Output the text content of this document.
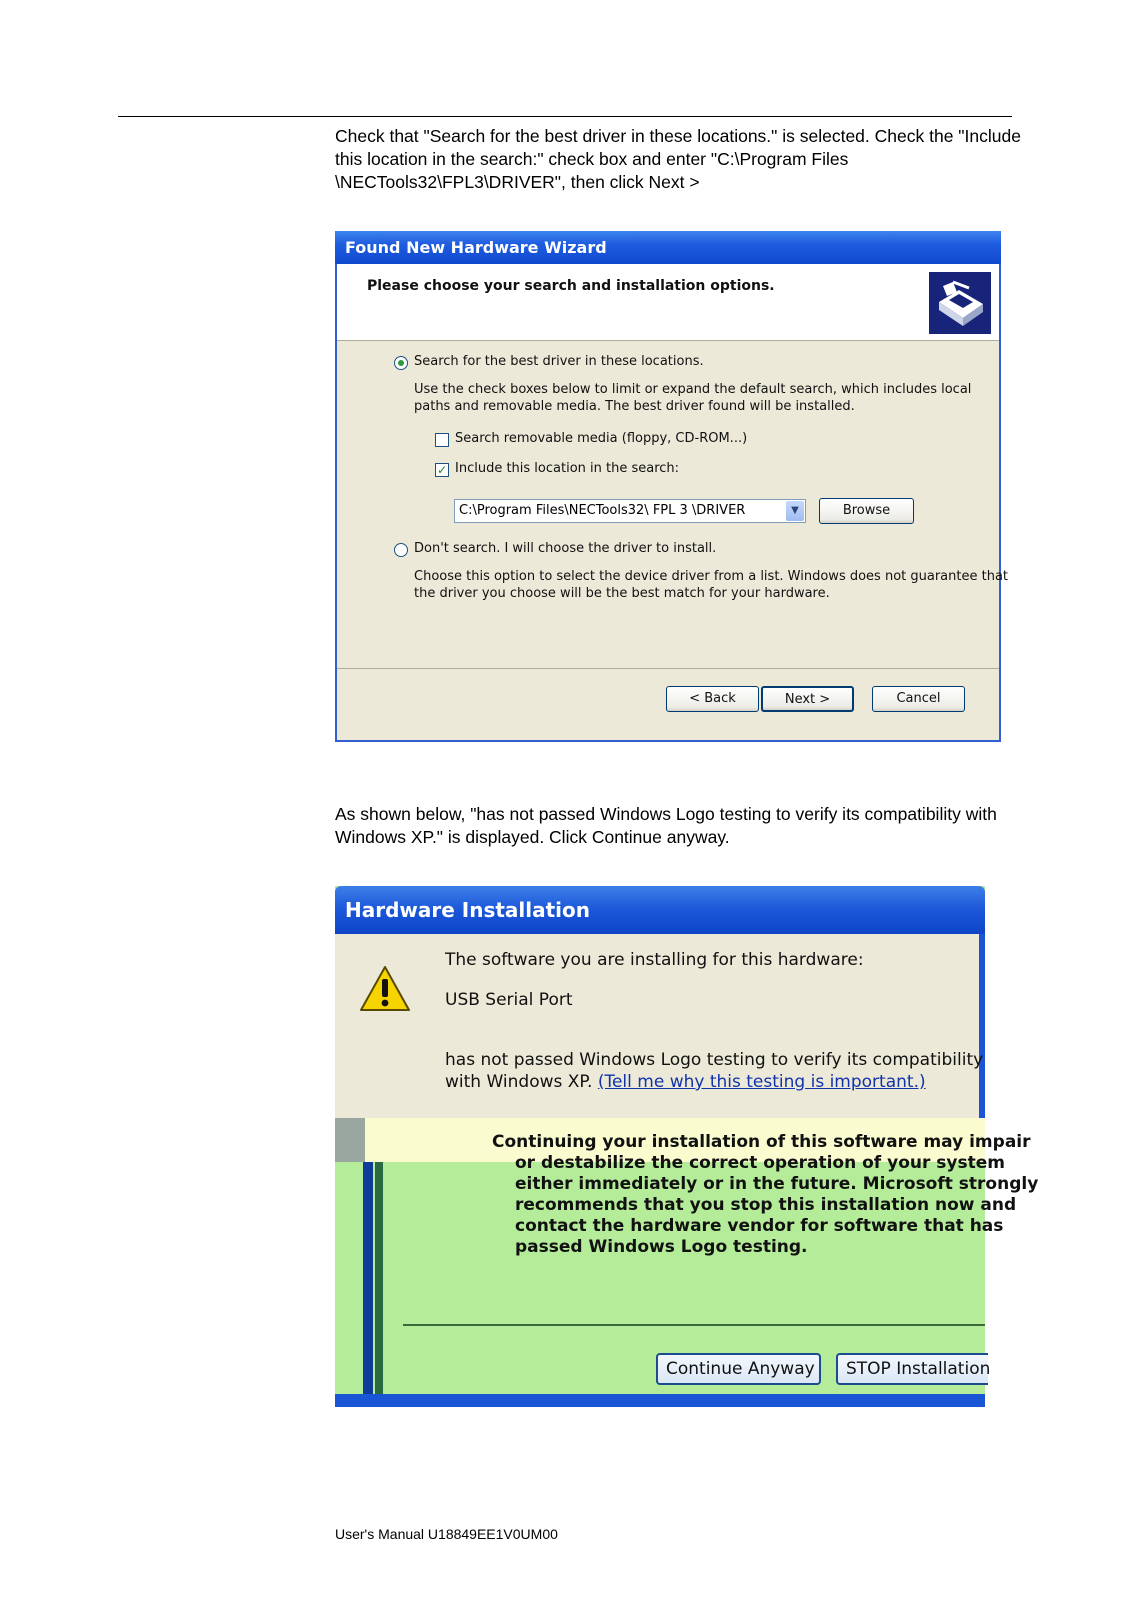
Check that "Search for the best driver in these locations." is selected. Check the "Include this location in the search:" check box and enter "C:\Program Files \NECTools32\FPL3\DRIVER", then click Next >

Found New Hardware Wizard
Please choose your search and installation options.
Search for the best driver in these locations.
Use the check boxes below to limit or expand the default search, which includes local
paths and removable media. The best driver found will be installed.
Search removable media (floppy, CD-ROM...)
✓ Include this location in the search:
C:\Program Files\NECTools32\ FPL 3 \DRIVER	▼	Browse
Don't search. I will choose the driver to install.
Choose this option to select the device driver from a list. Windows does not guarantee that
the driver you choose will be the best match for your hardware.
< Back	Next >	Cancel

As shown below, "has not passed Windows Logo testing to verify its compatibility with Windows XP." is displayed. Click Continue anyway.

Hardware Installation
The software you are installing for this hardware:
USB Serial Port
has not passed Windows Logo testing to verify its compatibility
with Windows XP. (Tell me why this testing is important.)
Continuing your installation of this software may impair
or destabilize the correct operation of your system
either immediately or in the future. Microsoft strongly
recommends that you stop this installation now and
contact the hardware vendor for software that has
passed Windows Logo testing.
Continue Anyway	STOP Installation
User's Manual U18849EE1V0UM00
